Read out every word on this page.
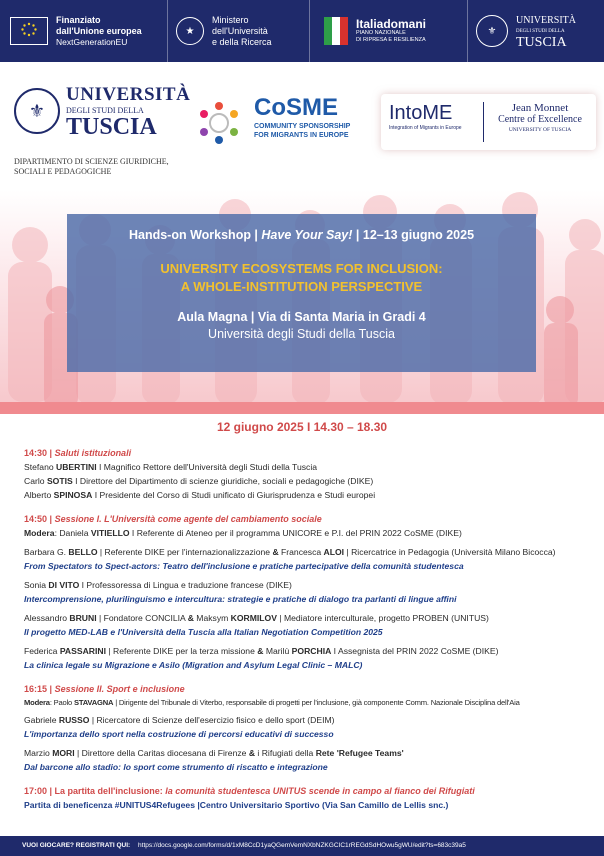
Finanziato
dall'Unione europea
NextGenerationEU
★
Ministero
dell'Università
e della Ricerca
Italiadomani
PIANO NAZIONALE
DI RIPRESA E RESILIENZA
⚜
UNIVERSITÀ
DEGLI STUDI DELLA
TUSCIA
⚜
UNIVERSITÀ
DEGLI STUDI DELLA
TUSCIA
DIPARTIMENTO DI SCIENZE GIURIDICHE,
SOCIALI E PEDAGOGICHE
CoSME
COMMUNITY SPONSORSHIP
FOR MIGRANTS IN EUROPE
IntoME
Integration of Migrants in Europe
Jean Monnet
Centre of Excellence
UNIVERSITY OF TUSCIA
Hands-on Workshop | Have Your Say! | 12–13 giugno 2025
UNIVERSITY ECOSYSTEMS FOR INCLUSION:
A WHOLE-INSTITUTION PERSPECTIVE
Aula Magna | Via di Santa Maria in Gradi 4
Università degli Studi della Tuscia
12 giugno 2025 I 14.30 – 18.30
14:30 | Saluti istituzionali
Stefano UBERTINI I Magnifico Rettore dell'Università degli Studi della Tuscia
Carlo SOTIS I Direttore del Dipartimento di scienze giuridiche, sociali e pedagogiche (DIKE)
Alberto SPINOSA I Presidente del Corso di Studi unificato di Giurisprudenza e Studi europei
14:50 | Sessione I. L'Università come agente del cambiamento sociale
Modera: Daniela VITIELLO I Referente di Ateneo per il programma UNICORE e P.I. del PRIN 2022 CoSME (DIKE)
Barbara G. BELLO | Referente DIKE per l'internazionalizzazione & Francesca ALOI | Ricercatrice in Pedagogia (Università Milano Bicocca)
From Spectators to Spect-actors: Teatro dell'inclusione e pratiche partecipative della comunità studentesca
Sonia DI VITO I Professoressa di Lingua e traduzione francese (DIKE)
Intercomprensione, plurilinguismo e intercultura: strategie e pratiche di dialogo tra parlanti di lingue affini
Alessandro BRUNI | Fondatore CONCILIA & Maksym KORMILOV | Mediatore interculturale, progetto PROBEN (UNITUS)
Il progetto MED-LAB e l'Università della Tuscia alla Italian Negotiation Competition 2025
Federica PASSARINI | Referente DIKE per la terza missione & Marilù PORCHIA I Assegnista del PRIN 2022 CoSME (DIKE)
La clinica legale su Migrazione e Asilo (Migration and Asylum Legal Clinic – MALC)
16:15 | Sessione II. Sport e inclusione
Modera: Paolo STAVAGNA | Dirigente del Tribunale di Viterbo, responsabile di progetti per l'inclusione, già componente Comm. Nazionale Disciplina dell'Aia
Gabriele RUSSO | Ricercatore di Scienze dell'esercizio fisico e dello sport (DEIM)
L'importanza dello sport nella costruzione di percorsi educativi di successo
Marzio MORI | Direttore della Caritas diocesana di Firenze & i Rifugiati della Rete 'Refugee Teams'
Dal barcone allo stadio: lo sport come strumento di riscatto e integrazione
17:00 | La partita dell'inclusione: la comunità studentesca UNITUS scende in campo al fianco dei Rifugiati
Partita di beneficenza #UNITUS4Refugees |Centro Universitario Sportivo (Via San Camillo de Lellis snc.)
VUOI GIOCARE? REGISTRATI QUI: https://docs.google.com/forms/d/1xM8CcD1yaQGemVemNXbNZKGCIC1rREGdSdHOwu5gWU/edit?ts=683c39a5
